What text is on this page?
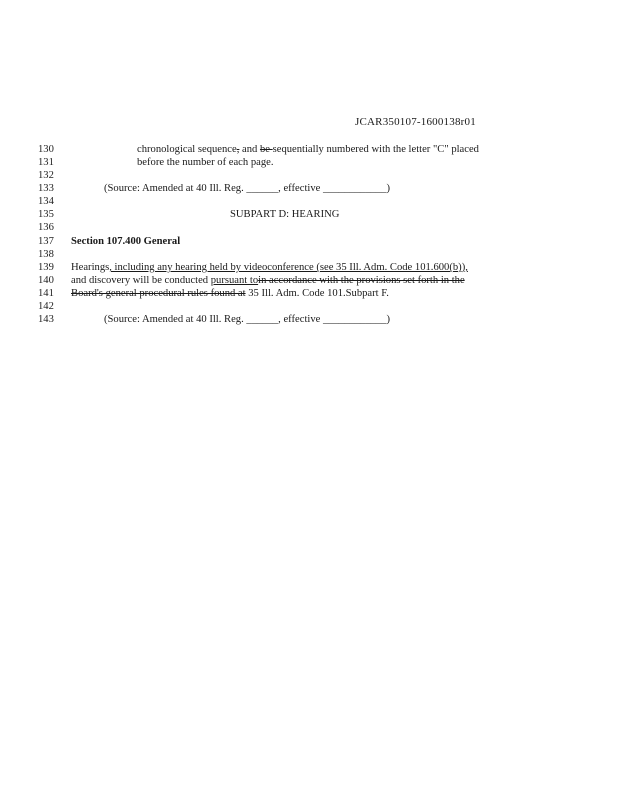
JCAR350107-1600138r01
130	chronological sequence, and be sequentially numbered with the letter "C" placed
131	before the number of each page.
132
133	(Source: Amended at 40 Ill. Reg. ______, effective ____________)
134
135	SUBPART D: HEARING
136
137	Section 107.400 General
138
139	Hearings, including any hearing held by videoconference (see 35 Ill. Adm. Code 101.600(b)),
140	and discovery will be conducted pursuant toin accordance with the provisions set forth in the
141	Board's general procedural rules found at 35 Ill. Adm. Code 101.Subpart F.
142
143	(Source: Amended at 40 Ill. Reg. ______, effective ____________)
